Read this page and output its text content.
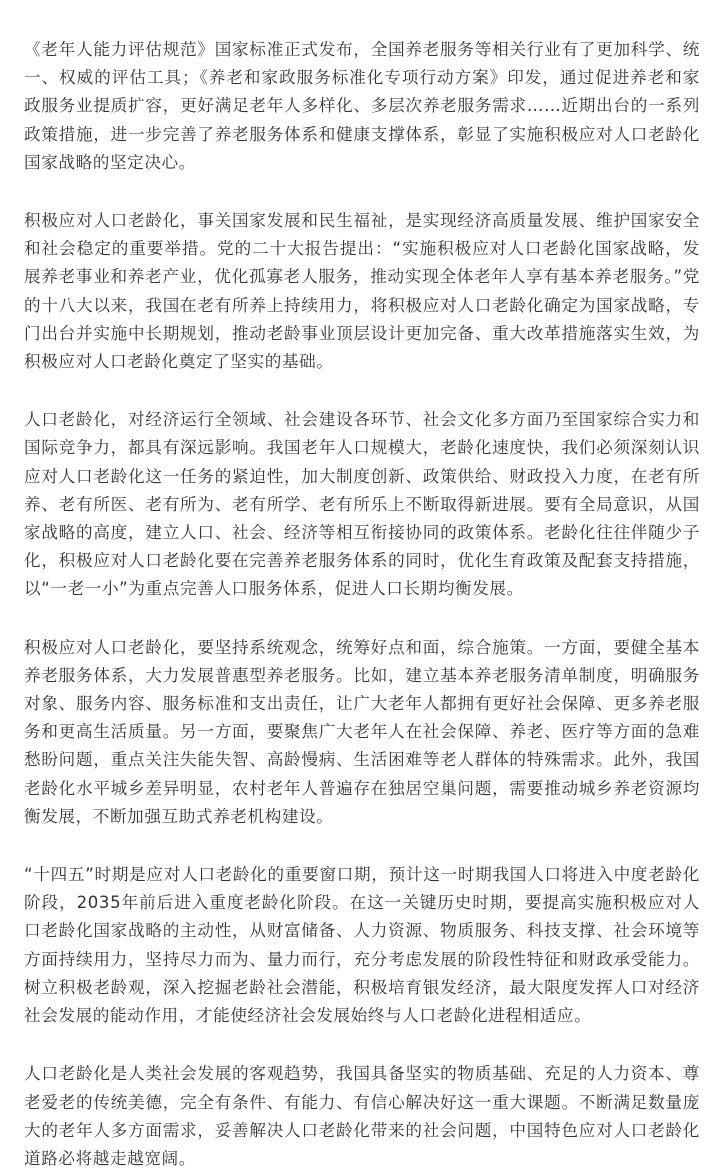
《老年人能力评估规范》国家标准正式发布，全国养老服务等相关行业有了更加科学、统一、权威的评估工具；《养老和家政服务标准化专项行动方案》印发，通过促进养老和家政服务业提质扩容，更好满足老年人多样化、多层次养老服务需求……近期出台的一系列政策措施，进一步完善了养老服务体系和健康支撑体系，彰显了实施积极应对人口老龄化国家战略的坚定决心。

积极应对人口老龄化，事关国家发展和民生福祉，是实现经济高质量发展、维护国家安全和社会稳定的重要举措。党的二十大报告提出：“实施积极应对人口老龄化国家战略，发展养老事业和养老产业，优化孤寡老人服务，推动实现全体老年人享有基本养老服务。”党的十八大以来，我国在老有所养上持续用力，将积极应对人口老龄化确定为国家战略，专门出台并实施中长期规划，推动老龄事业顶层设计更加完备、重大改革措施落实生效，为积极应对人口老龄化奠定了坚实的基础。

人口老龄化，对经济运行全领域、社会建设各环节、社会文化多方面乃至国家综合实力和国际竞争力，都具有深远影响。我国老年人口规模大，老龄化速度快，我们必须深刻认识应对人口老龄化这一任务的紧迫性，加大制度创新、政策供给、财政投入力度，在老有所养、老有所医、老有所为、老有所学、老有所乐上不断取得新进展。要有全局意识，从国家战略的高度，建立人口、社会、经济等相互衔接协同的政策体系。老龄化往往伴随少子化，积极应对人口老龄化要在完善养老服务体系的同时，优化生育政策及配套支持措施，以“一老一小”为重点完善人口服务体系，促进人口长期均衡发展。

积极应对人口老龄化，要坚持系统观念，统筹好点和面，综合施策。一方面，要健全基本养老服务体系，大力发展普惠型养老服务。比如，建立基本养老服务清单制度，明确服务对象、服务内容、服务标准和支出责任，让广大老年人都拥有更好社会保障、更多养老服务和更高生活质量。另一方面，要聚焦广大老年人在社会保障、养老、医疗等方面的急难愁盼问题，重点关注失能失智、高龄慢病、生活困难等老人群体的特殊需求。此外，我国老龄化水平城乡差异明显，农村老年人普遍存在独居空巢问题，需要推动城乡养老资源均衡发展，不断加强互助式养老机构建设。

“十四五”时期是应对人口老龄化的重要窗口期，预计这一时期我国人口将进入中度老龄化阶段，2035年前后进入重度老龄化阶段。在这一关键历史时期，要提高实施积极应对人口老龄化国家战略的主动性，从财富储备、人力资源、物质服务、科技支撑、社会环境等方面持续用力，坚持尽力而为、量力而行，充分考虑发展的阶段性特征和财政承受能力。树立积极老龄观，深入挖掘老龄社会潜能，积极培育银发经济，最大限度发挥人口对经济社会发展的能动作用，才能使经济社会发展始终与人口老龄化进程相适应。

人口老龄化是人类社会发展的客观趋势，我国具备坚实的物质基础、充足的人力资本、尊老爱老的传统美德，完全有条件、有能力、有信心解决好这一重大课题。不断满足数量庞大的老年人多方面需求，妥善解决人口老龄化带来的社会问题，中国特色应对人口老龄化道路必将越走越宽阔。
